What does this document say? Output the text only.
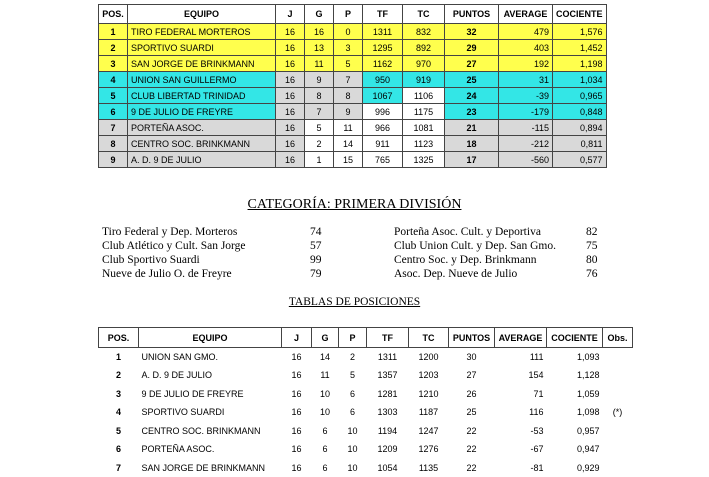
POS.	EQUIPO	J	G	P	TF	TC	PUNTOS	AVERAGE	COCIENTE
1	TIRO FEDERAL MORTEROS	16	16	0	1311	832	32	479	1,576
2	SPORTIVO SUARDI	16	13	3	1295	892	29	403	1,452
3	SAN JORGE DE BRINKMANN	16	11	5	1162	970	27	192	1,198
4	UNION SAN GUILLERMO	16	9	7	950	919	25	31	1,034
5	CLUB LIBERTAD TRINIDAD	16	8	8	1067	1106	24	-39	0,965
6	9 DE JULIO DE FREYRE	16	7	9	996	1175	23	-179	0,848
7	PORTEÑA ASOC.	16	5	11	966	1081	21	-115	0,894
8	CENTRO SOC. BRINKMANN	16	2	14	911	1123	18	-212	0,811
9	A. D. 9 DE JULIO	16	1	15	765	1325	17	-560	0,577
CATEGORÍA: PRIMERA DIVISIÓN
Tiro Federal y Dep. Morteros	74
Club Atlético y Cult. San Jorge	57
Club Sportivo Suardi	99
Nueve de Julio O. de Freyre	79
Porteña Asoc. Cult. y Deportiva	82
Club Union Cult. y Dep. San Gmo.	75
Centro Soc. y Dep. Brinkmann	80
Asoc. Dep. Nueve de Julio	76
TABLAS DE POSICIONES
POS.	EQUIPO	J	G	P	TF	TC	PUNTOS	AVERAGE	COCIENTE	Obs.
1	UNION SAN GMO.	16	14	2	1311	1200	30	111	1,093	
2	A. D. 9 DE JULIO	16	11	5	1357	1203	27	154	1,128	
3	9 DE JULIO DE FREYRE	16	10	6	1281	1210	26	71	1,059	
4	SPORTIVO SUARDI	16	10	6	1303	1187	25	116	1,098	(*)
5	CENTRO SOC. BRINKMANN	16	6	10	1194	1247	22	-53	0,957	
6	PORTEÑA ASOC.	16	6	10	1209	1276	22	-67	0,947	
7	SAN JORGE DE BRINKMANN	16	6	10	1054	1135	22	-81	0,929	
